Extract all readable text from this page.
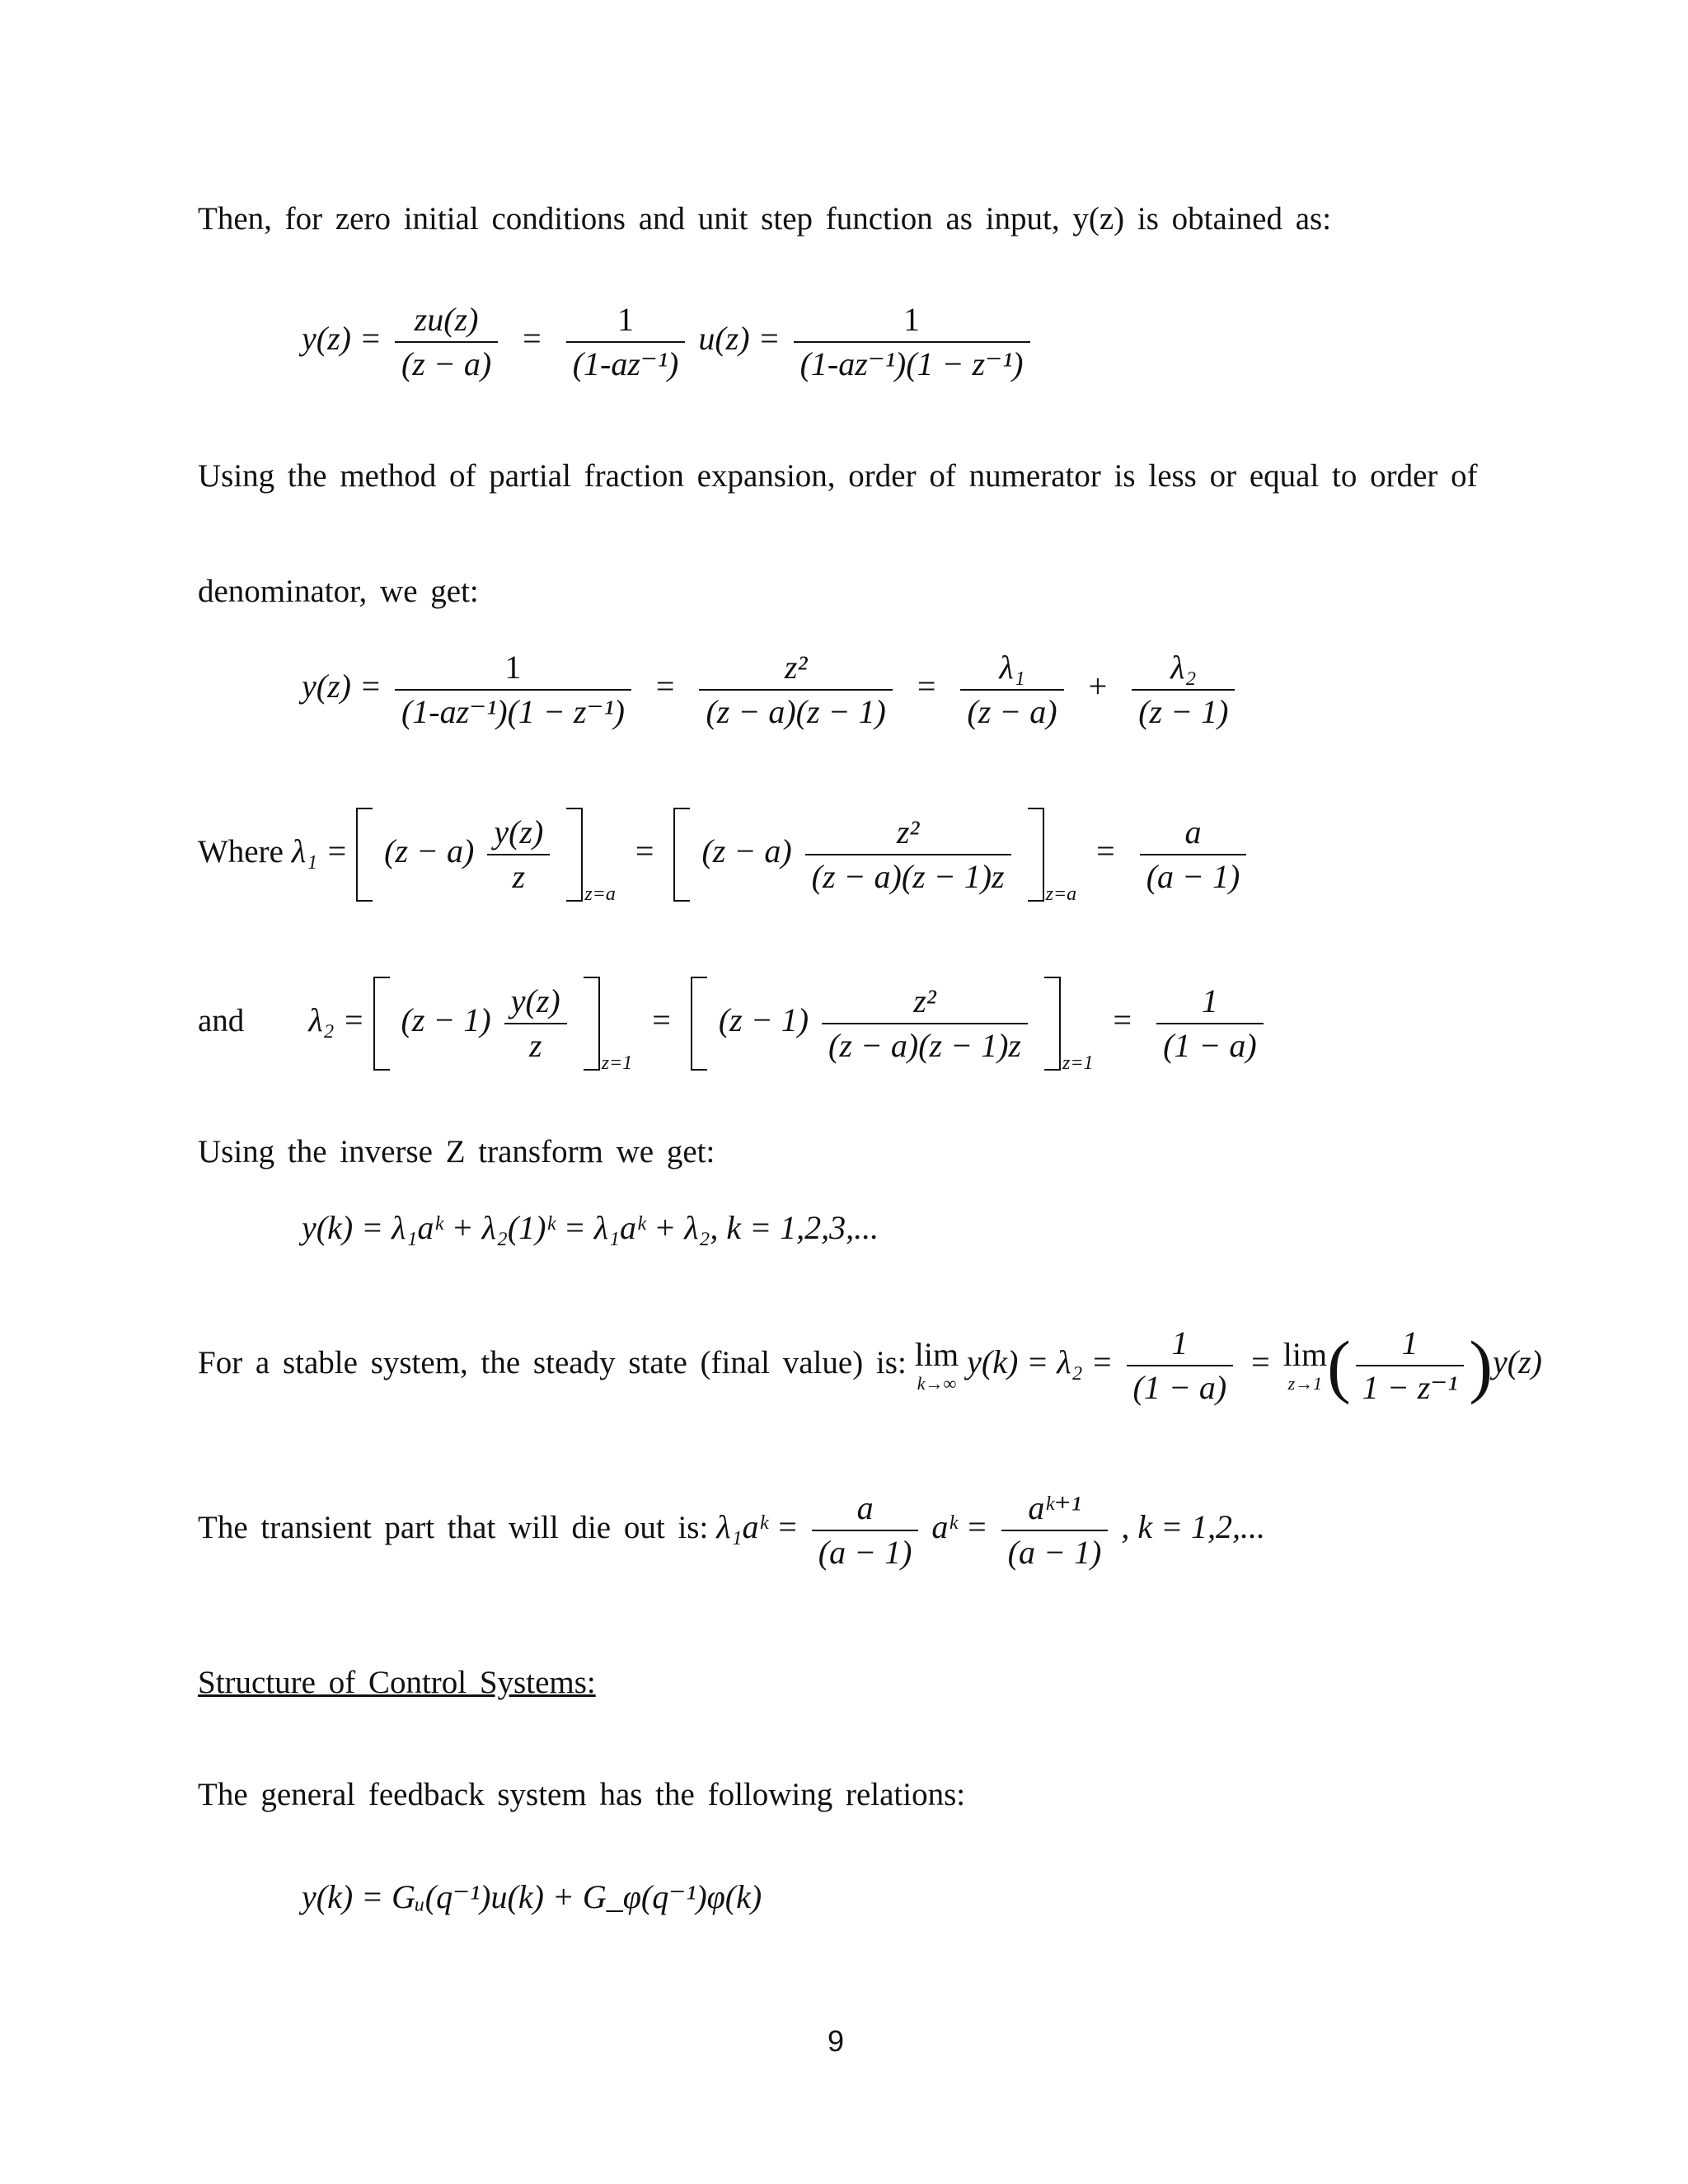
Then, for zero initial conditions and unit step function as input, y(z) is obtained as:
$y(z) = \frac{zu(z)}{(z - a)} = \frac{1}{\text{(1-az⁻¹)}} u(z) = \frac{1}{\text{(1-az⁻¹)(1 − z⁻¹)}}$
Using the method of partial fraction expansion, order of numerator is less or equal to order of
denominator, we get:
$y(z) = \frac{1}{\text{(1-az⁻¹)(1 − z⁻¹)}} = \frac{\text{z²}}{(z - a)(z - 1)} = \frac{\text{λ₁}}{(z - a)} + \frac{\text{λ₂}}{(z - 1)}$
Where $\lambda_1 = (z - a) \frac{y(z)}{z}$
$_{z=a} = (z - a) \frac{\text{z²}}{(z - a)(z - 1)z}$
$_{z=a} = \frac{a}{(a - 1)}$
and $\lambda_2 = (z - 1) \frac{y(z)}{z}$
$_{z=1} = (z - 1) \frac{\text{z²}}{(z - a)(z - 1)z}$
$_{z=1} = \frac{1}{(1 - a)}$
Using the inverse Z transform we get:
y(k) = λ₁aᵏ + λ₂(1)ᵏ = λ₁aᵏ + λ₂, k = 1,2,3,...
For a stable system, the steady state (final value) is: lim
k→∞
$y(k) = \lambda_2 = \frac{1}{(1 - a)} = \lim$
z→1 ( $\frac{1}{\text{1 − z⁻¹}} )y(z)$
The transient part that will die out is: λ₁aᵏ = $\frac{a}{(a - 1)}$ aᵏ = $\frac{\text{aᵏ⁺¹}}{(a - 1)}$ , k = 1,2,...
Structure of Control Systems:
The general feedback system has the following relations:
y(k) = Gᵤ(q⁻¹)u(k) + G_φ(q⁻¹)φ(k)
9
